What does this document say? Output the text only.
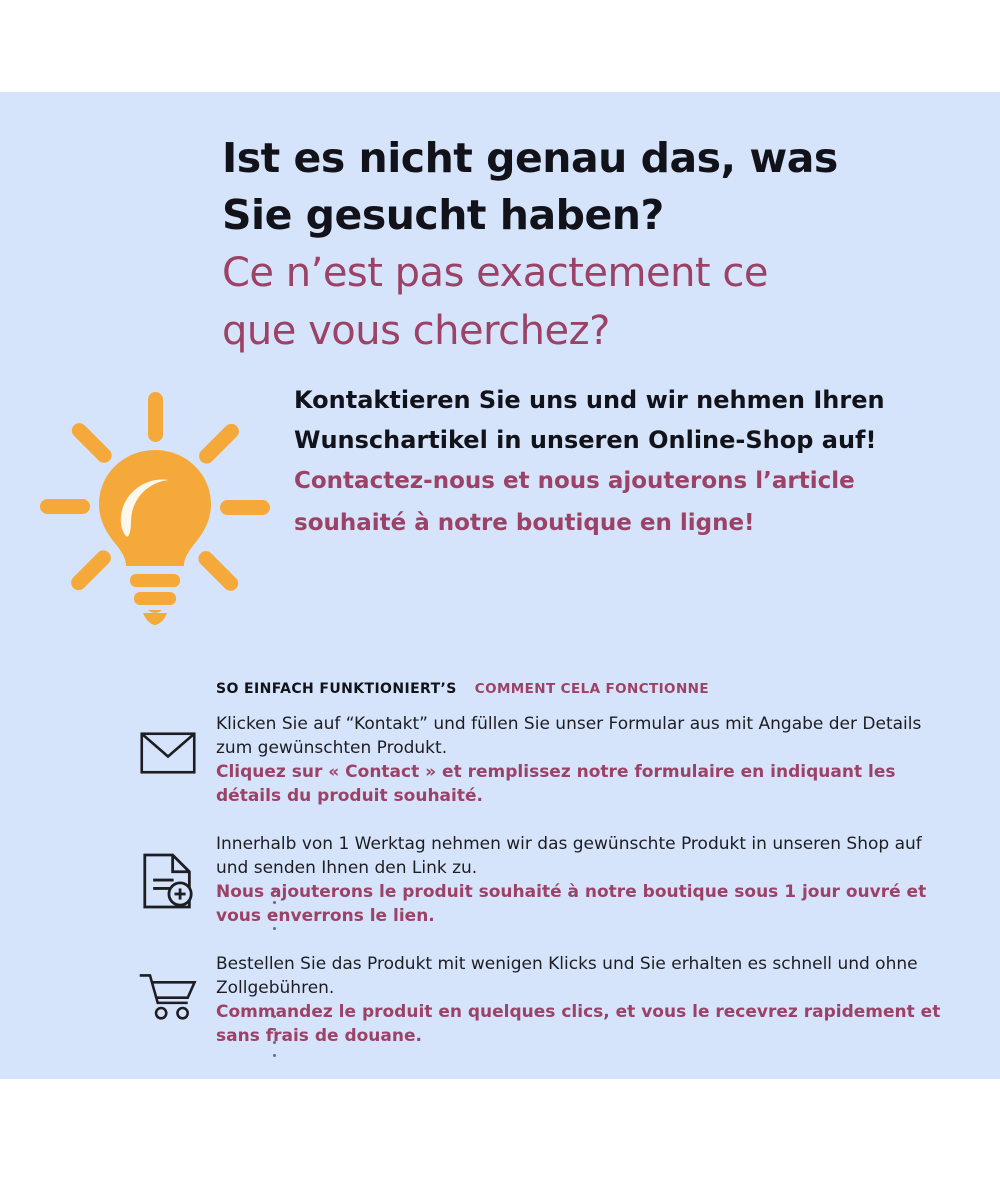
Ist es nicht genau das, was

Sie gesucht haben?

Ce n’est pas exactement ce

que vous cherchez?

Kontaktieren Sie uns und wir nehmen Ihren Wunschartikel in unseren Online-Shop auf!

Contactez-nous et nous ajouterons l’article souhaité à notre boutique en ligne!

SO EINFACH FUNKTIONIERT’S COMMENT CELA FONCTIONNE

Klicken Sie auf “Kontakt” und füllen Sie unser Formular aus mit Angabe der Details zum gewünschten Produkt.

Cliquez sur « Contact » et remplissez notre formulaire en indiquant les détails du produit souhaité.

Innerhalb von 1 Werktag nehmen wir das gewünschte Produkt in unseren Shop auf und senden Ihnen den Link zu.

Nous ajouterons le produit souhaité à notre boutique sous 1 jour ouvré et vous enverrons le lien.

Bestellen Sie das Produkt mit wenigen Klicks und Sie erhalten es schnell und ohne Zollgebühren.

Commandez le produit en quelques clics, et vous le recevrez rapidement et sans frais de douane.
